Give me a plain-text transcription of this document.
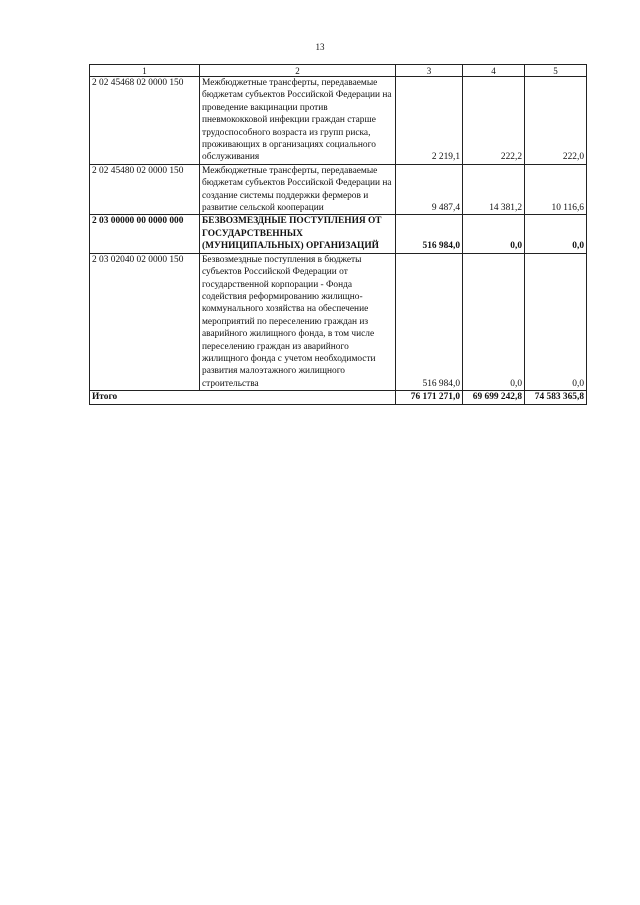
13
1	2	3	4	5
2 02 45468 02 0000 150	Межбюджетные трансферты, передаваемые бюджетам субъектов Российской Федерации на проведение вакцинации против пневмококковой инфекции граждан старше трудоспособного возраста из групп риска, проживающих в организациях социального обслуживания	2 219,1	222,2	222,0
2 02 45480 02 0000 150	Межбюджетные трансферты, передаваемые бюджетам субъектов Российской Федерации на создание системы поддержки фермеров и развитие сельской кооперации	9 487,4	14 381,2	10 116,6
2 03 00000 00 0000 000	БЕЗВОЗМЕЗДНЫЕ ПОСТУПЛЕНИЯ ОТ ГОСУДАРСТВЕННЫХ (МУНИЦИПАЛЬНЫХ) ОРГАНИЗАЦИЙ	516 984,0	0,0	0,0
2 03 02040 02 0000 150	Безвозмездные поступления в бюджеты субъектов Российской Федерации от государственной корпорации - Фонда содействия реформированию жилищно-коммунального хозяйства на обеспечение мероприятий по переселению граждан из аварийного жилищного фонда, в том числе переселению граждан из аварийного жилищного фонда с учетом необходимости развития малоэтажного жилищного строительства	516 984,0	0,0	0,0
Итого		76 171 271,0	69 699 242,8	74 583 365,8
